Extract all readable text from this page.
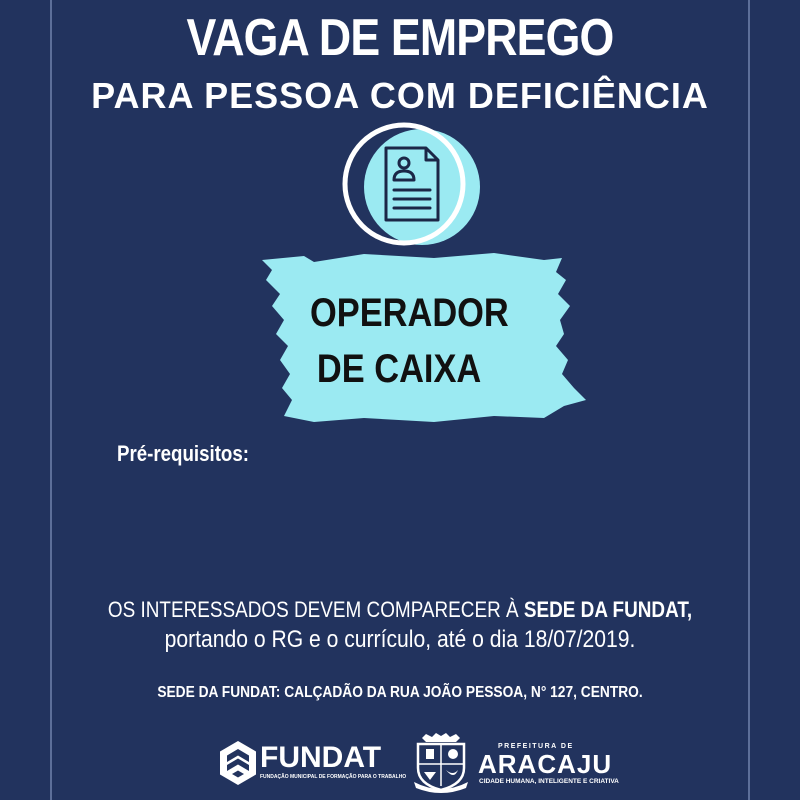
VAGA DE EMPREGO
PARA PESSOA COM DEFICIÊNCIA
OPERADOR
DE CAIXA
Pré-requisitos:
OS INTERESSADOS DEVEM COMPARECER À SEDE DA FUNDAT,
portando o RG e o currículo, até o dia 18/07/2019.
SEDE DA FUNDAT: CALÇADÃO DA RUA JOÃO PESSOA, N° 127, CENTRO.
FUNDAT
FUNDAÇÃO MUNICIPAL DE FORMAÇÃO PARA O TRABALHO
PREFEITURA DE
ARACAJU
CIDADE HUMANA, INTELIGENTE E CRIATIVA
